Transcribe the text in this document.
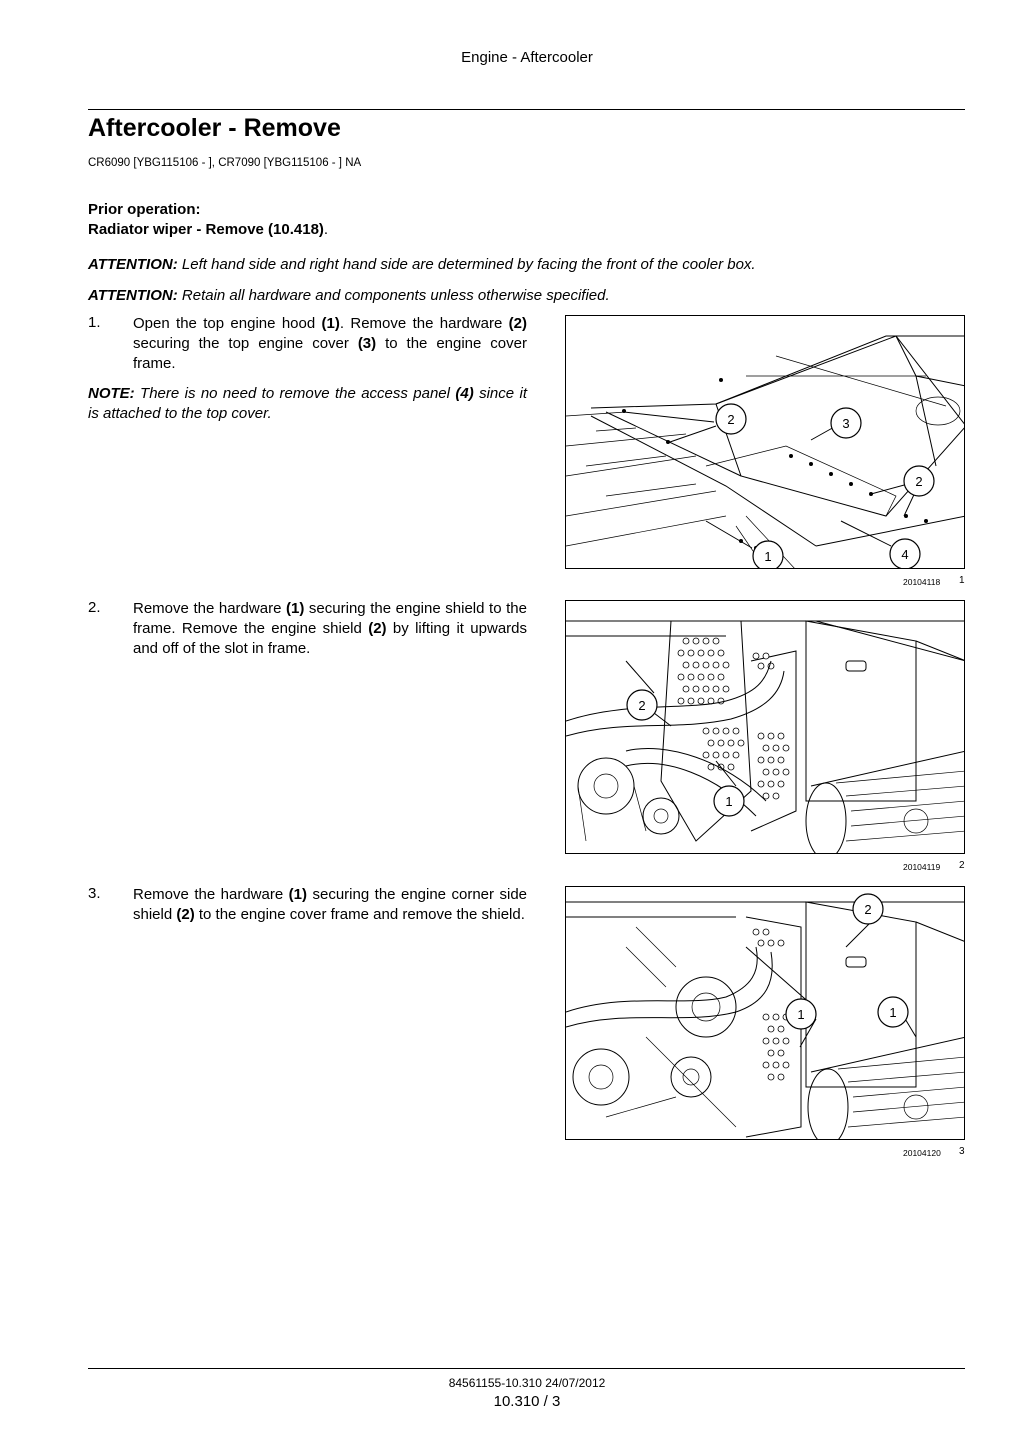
Engine - Aftercooler
Aftercooler - Remove
CR6090 [YBG115106 - ], CR7090 [YBG115106 - ] NA
Prior operation:
Radiator wiper - Remove (10.418).
ATTENTION: Left hand side and right hand side are determined by facing the front of the cooler box.
ATTENTION: Retain all hardware and components unless otherwise specified.
1. Open the top engine hood (1). Remove the hardware (2) securing the top engine cover (3) to the engine cover frame.
NOTE: There is no need to remove the access panel (4) since it is attached to the top cover.	2	3
2
1	4
20104118 1
2. Remove the hardware (1) securing the engine shield to the frame. Remove the engine shield (2) by lifting it upwards and off of the slot in frame.
2
1
20104119 2
3. Remove the hardware (1) securing the engine corner side shield (2) to the engine cover frame and remove the shield.	2
1	1
20104120 3
84561155-10.310 24/07/2012
10.310 / 3
